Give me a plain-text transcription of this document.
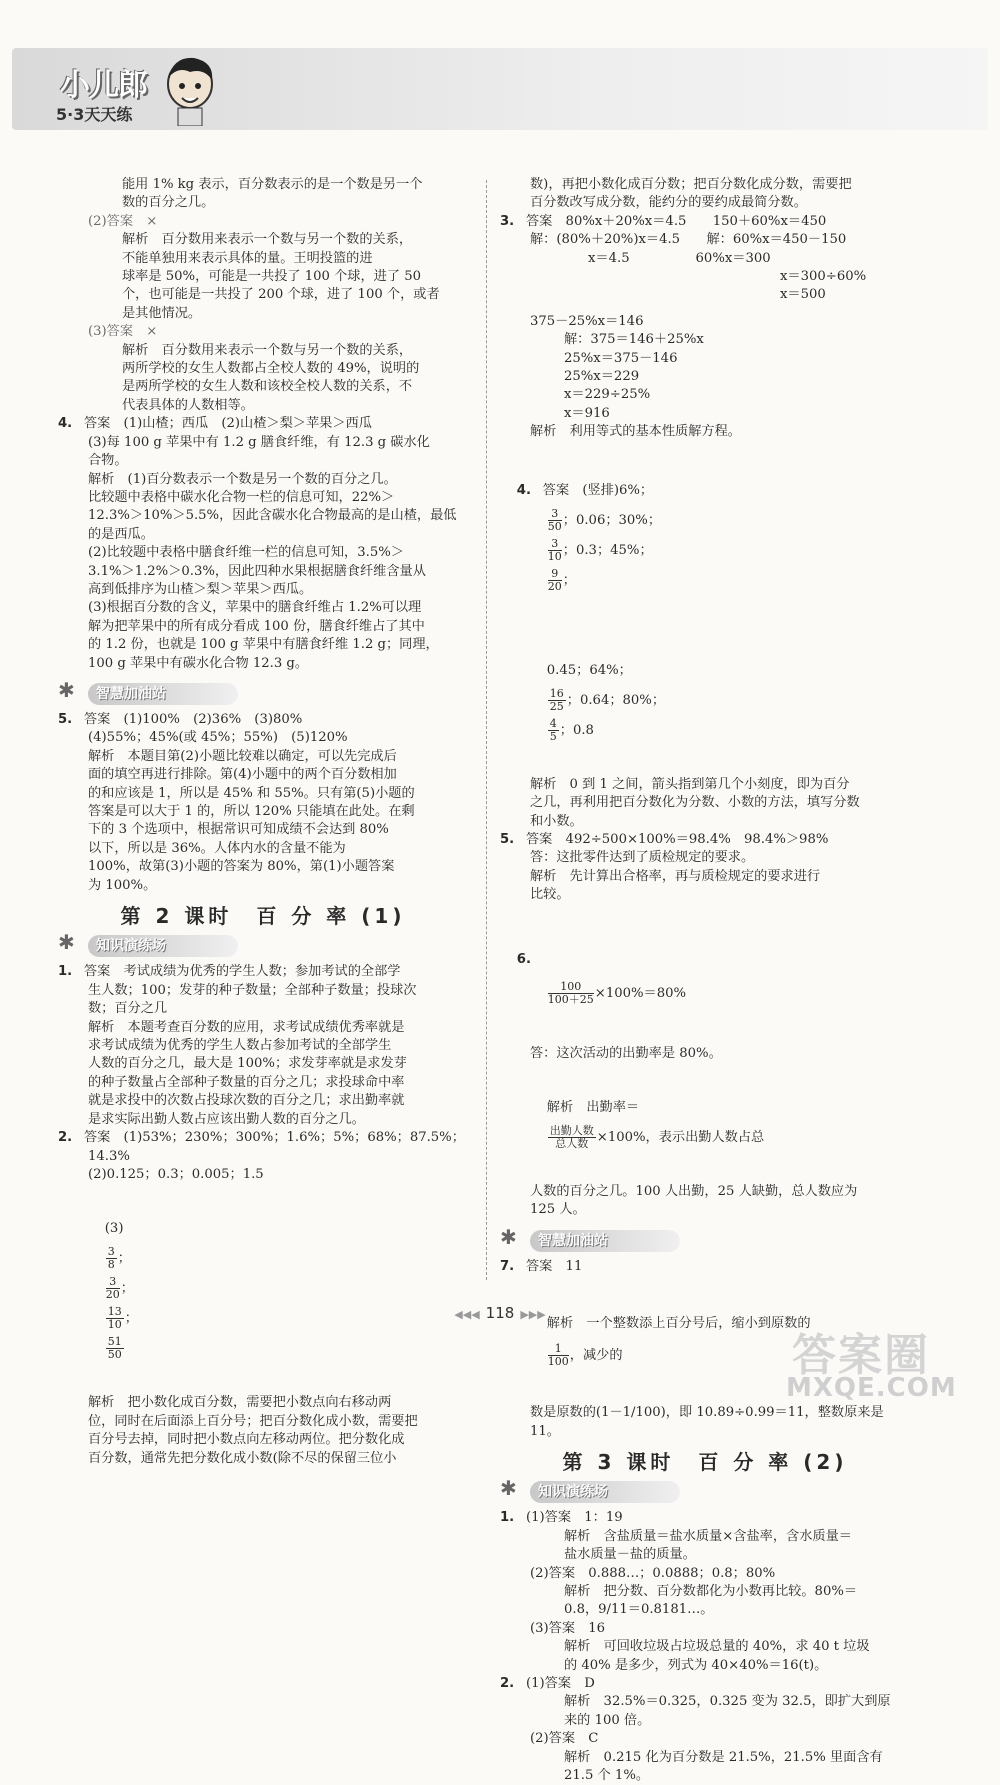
小儿郎
5·3天天练

能用 1% kg 表示，百分数表示的是一个数是另一个

数的百分之几。

(2)答案　×

解析　百分数用来表示一个数与另一个数的关系，

不能单独用来表示具体的量。王明投篮的进

球率是 50%，可能是一共投了 100 个球，进了 50

个，也可能是一共投了 200 个球，进了 100 个，或者

是其他情况。

(3)答案　×

解析　百分数用来表示一个数与另一个数的关系，

两所学校的女生人数都占全校人数的 49%，说明的

是两所学校的女生人数和该校全校人数的关系，不

代表具体的人数相等。

4. 答案　(1)山楂；西瓜　(2)山楂＞梨＞苹果＞西瓜

(3)每 100 g 苹果中有 1.2 g 膳食纤维，有 12.3 g 碳水化

合物。

解析　(1)百分数表示一个数是另一个数的百分之几。

比较题中表格中碳水化合物一栏的信息可知，22%＞

12.3%＞10%＞5.5%，因此含碳水化合物最高的是山楂，最低

的是西瓜。

(2)比较题中表格中膳食纤维一栏的信息可知，3.5%＞

3.1%＞1.2%＞0.3%，因此四种水果根据膳食纤维含量从

高到低排序为山楂＞梨＞苹果＞西瓜。

(3)根据百分数的含义，苹果中的膳食纤维占 1.2%可以理

解为把苹果中的所有成分看成 100 份，膳食纤维占了其中

的 1.2 份，也就是 100 g 苹果中有膳食纤维 1.2 g；同理，

100 g 苹果中有碳水化合物 12.3 g。

✱ 智慧加油站

5. 答案　(1)100%　(2)36%　(3)80%

(4)55%；45%(或 45%；55%)　(5)120%

解析　本题目第(2)小题比较难以确定，可以先完成后

面的填空再进行排除。第(4)小题中的两个百分数相加

的和应该是 1，所以是 45% 和 55%。只有第(5)小题的

答案是可以大于 1 的，所以 120% 只能填在此处。在剩

下的 3 个选项中，根据常识可知成绩不会达到 80%

以下，所以是 36%。人体内水的含量不能为

100%，故第(3)小题的答案为 80%，第(1)小题答案

为 100%。

第 2 课时　百 分 率 (1)
✱ 知识演练场

1. 答案　考试成绩为优秀的学生人数；参加考试的全部学

生人数；100；发芽的种子数量；全部种子数量；投球次

数；百分之几

解析　本题考查百分数的应用，求考试成绩优秀率就是

求考试成绩为优秀的学生人数占参加考试的全部学生

人数的百分之几，最大是 100%；求发芽率就是求发芽

的种子数量占全部种子数量的百分之几；求投球命中率

就是求投中的次数占投球次数的百分之几；求出勤率就

是求实际出勤人数占应该出勤人数的百分之几。

2. 答案　(1)53%；230%；300%；1.6%；5%；68%；87.5%；

14.3%

(2)0.125；0.3；0.005；1.5

(3)

$\frac{3}{8}$ ；

$\frac{3}{20}$ ；

$\frac{13}{10}$ ；

$\frac{51}{50}$

解析　把小数化成百分数，需要把小数点向右移动两

位，同时在后面添上百分号；把百分数化成小数，需要把

百分号去掉，同时把小数点向左移动两位。把分数化成

百分数，通常先把分数化成小数(除不尽的保留三位小

数)，再把小数化成百分数；把百分数化成分数，需要把

百分数改写成分数，能约分的要约成最简分数。

3. 答案　80%x＋20%x＝4.5　　150＋60%x＝450

解：(80%＋20%)x＝4.5　　解：60%x＝450－150

x＝4.5　　　　　60%x＝300

x＝300÷60%

x＝500

375－25%x＝146

解：375＝146＋25%x

25%x＝375－146

25%x＝229

x＝229÷25%

x＝916

解析　利用等式的基本性质解方程。

4. 答案　(竖排)6%；

$\frac{3}{50}$ ；0.06；30%；

$\frac{3}{10}$ ；0.3；45%；

$\frac{9}{20}$ ；

0.45；64%；

$\frac{16}{25}$ ；0.64；80%；

$\frac{4}{5}$ ；0.8

解析　0 到 1 之间，箭头指到第几个小刻度，即为百分

之几，再利用把百分数化为分数、小数的方法，填写分数

和小数。

5. 答案　492÷500×100%＝98.4%　98.4%＞98%

答：这批零件达到了质检规定的要求。

解析　先计算出合格率，再与质检规定的要求进行

比较。

6.

$\frac{100}{100+25} \times 100\%=80\%$

答：这次活动的出勤率是 80%。

解析　出勤率＝

$\frac{\text{出勤人数}}{\text{总人数}} \times 100\%$，表示出勤人数占总

人数的百分之几。100 人出勤，25 人缺勤，总人数应为

125 人。

✱ 智慧加油站

7. 答案　11

解析　一个整数添上百分号后，缩小到原数的

$\frac{1}{100}$ ，减少的

数是原数的(1－1/100)，即 10.89÷0.99＝11，整数原来是 11。

第 3 课时　百 分 率 (2)
✱ 知识演练场

1. (1)答案　1：19

解析　含盐质量＝盐水质量×含盐率，含水质量＝

盐水质量－盐的质量。

(2)答案　0.888…；0.0888；0.8；80%

解析　把分数、百分数都化为小数再比较。80%＝

0.8，9/11＝0.8181…。

(3)答案　16

解析　可回收垃圾占垃圾总量的 40%，求 40 t 垃圾

的 40% 是多少，列式为 40×40%＝16(t)。

2. (1)答案　D

解析　32.5%＝0.325，0.325 变为 32.5，即扩大到原

来的 100 倍。

(2)答案　C

解析　0.215 化为百分数是 21.5%，21.5% 里面含有

21.5 个 1%。

◀◀◀ 118 ▶▶▶
答案圈
MXQE.COM
